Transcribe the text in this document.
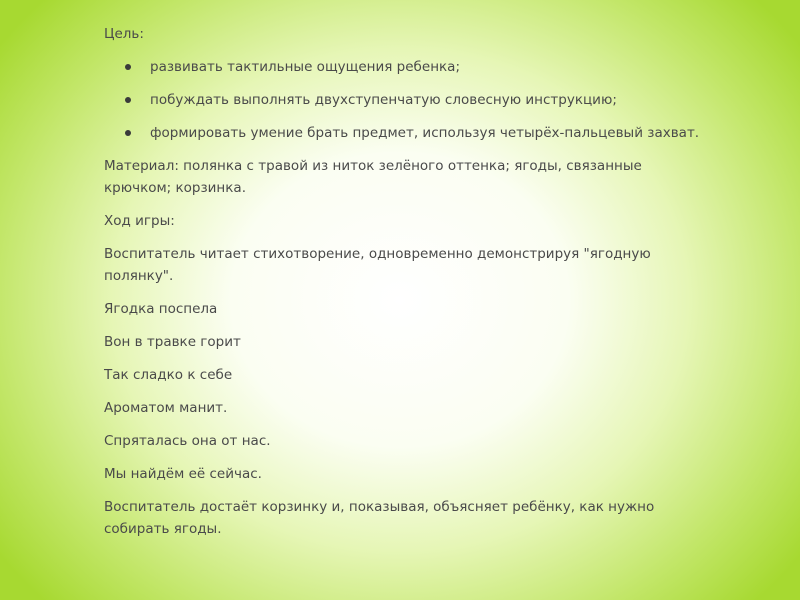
Цель:

развивать тактильные ощущения ребенка;
побуждать выполнять двухступенчатую словесную инструкцию;
формировать умение брать предмет, используя четырёх-пальцевый захват.

Материал: полянка с травой из ниток зелёного оттенка; ягоды, связанные крючком; корзинка.

Ход игры:

Воспитатель читает стихотворение, одновременно демонстрируя "ягодную полянку".

Ягодка поспела

Вон в травке горит

Так сладко к себе

Ароматом манит.

Спряталась она от нас.

Мы найдём её сейчас.

Воспитатель достаёт корзинку и, показывая, объясняет ребёнку, как нужно собирать ягоды.
